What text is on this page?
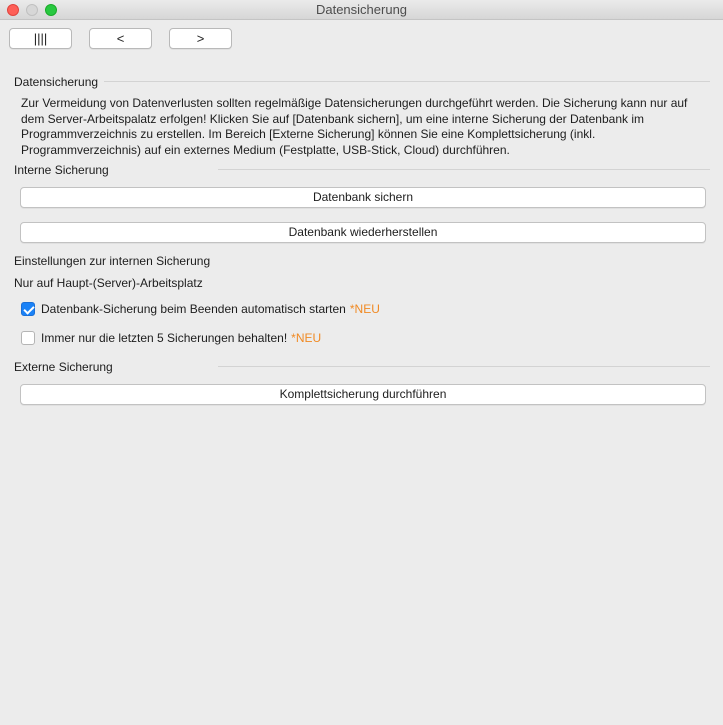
Datensicherung
||||	<	>
Datensicherung
Zur Vermeidung von Datenverlusten sollten regelmäßige Datensicherungen durchgeführt werden. Die Sicherung kann nur auf dem Server-Arbeitspalatz erfolgen! Klicken Sie auf [Datenbank sichern], um eine interne Sicherung der Datenbank im Programmverzeichnis zu erstellen. Im Bereich [Externe Sicherung] können Sie eine Komplettsicherung (inkl. Programmverzeichnis) auf ein externes Medium (Festplatte, USB-Stick, Cloud) durchführen.
Interne Sicherung
Datenbank sichern
Datenbank wiederherstellen
Einstellungen zur internen Sicherung
Nur auf Haupt-(Server)-Arbeitsplatz
Datenbank-Sicherung beim Beenden automatisch starten *NEU
Immer nur die letzten 5 Sicherungen behalten! *NEU
Externe Sicherung
Komplettsicherung durchführen
